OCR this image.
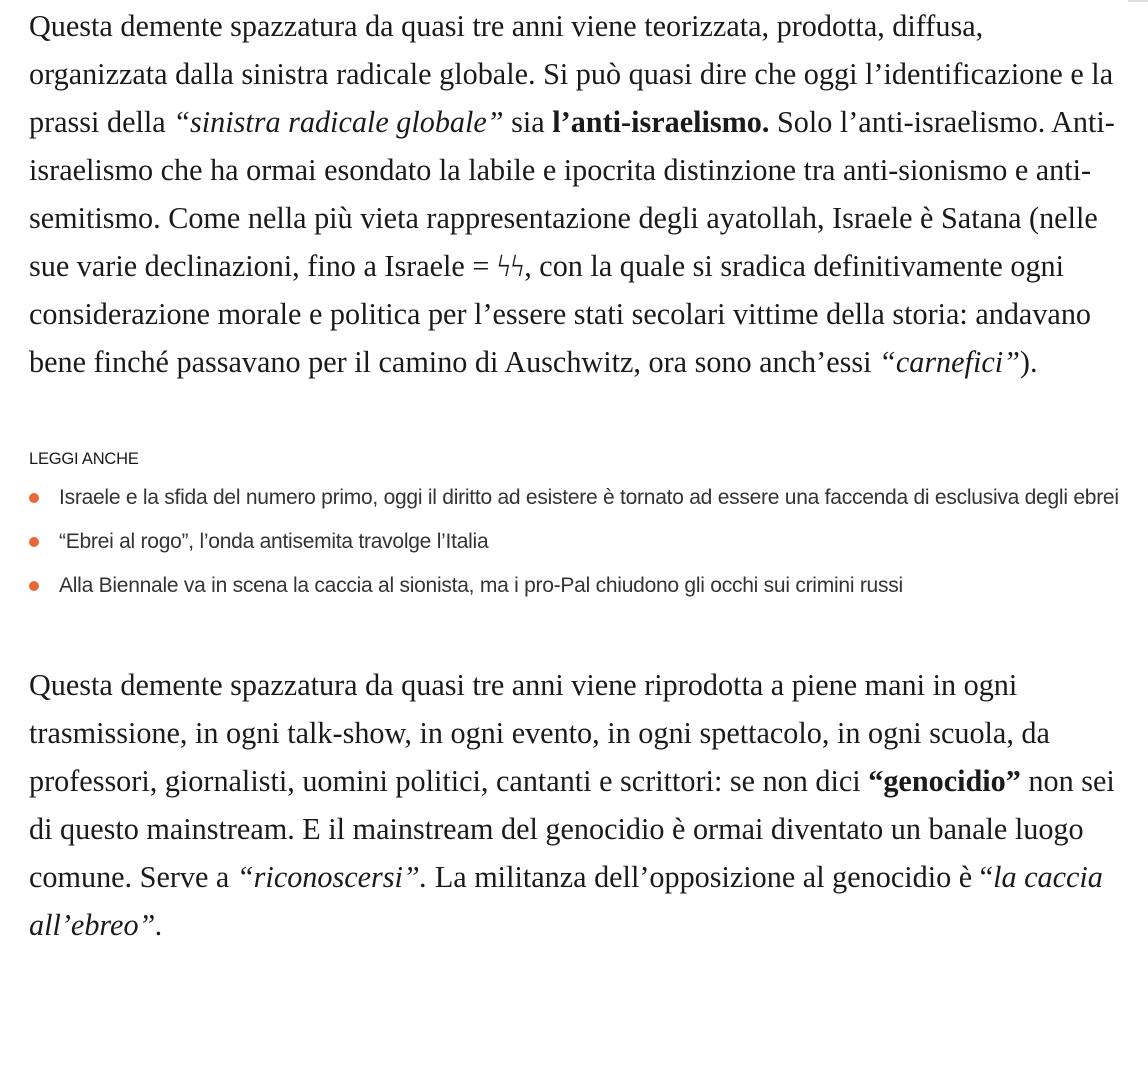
Questa demente spazzatura da quasi tre anni viene teorizzata, prodotta, diffusa, organizzata dalla sinistra radicale globale. Si può quasi dire che oggi l’identificazione e la prassi della “sinistra radicale globale” sia l’anti-israelismo. Solo l’anti-israelismo. Anti-israelismo che ha ormai esondato la labile e ipocrita distinzione tra anti-sionismo e anti-semitismo. Come nella più vieta rappresentazione degli ayatollah, Israele è Satana (nelle sue varie declinazioni, fino a Israele = ϟϟ, con la quale si sradica definitivamente ogni considerazione morale e politica per l’essere stati secolari vittime della storia: andavano bene finché passavano per il camino di Auschwitz, ora sono anch’essi “carnefici”).

LEGGI ANCHE
Israele e la sfida del numero primo, oggi il diritto ad esistere è tornato ad essere una faccenda di esclusiva degli ebrei
“Ebrei al rogo”, l’onda antisemita travolge l’Italia
Alla Biennale va in scena la caccia al sionista, ma i pro-Pal chiudono gli occhi sui crimini russi

Questa demente spazzatura da quasi tre anni viene riprodotta a piene mani in ogni trasmissione, in ogni talk-show, in ogni evento, in ogni spettacolo, in ogni scuola, da professori, giornalisti, uomini politici, cantanti e scrittori: se non dici “genocidio” non sei di questo mainstream. E il mainstream del genocidio è ormai diventato un banale luogo comune. Serve a “riconoscersi”. La militanza dell’opposizione al genocidio è “la caccia all’ebreo”.
